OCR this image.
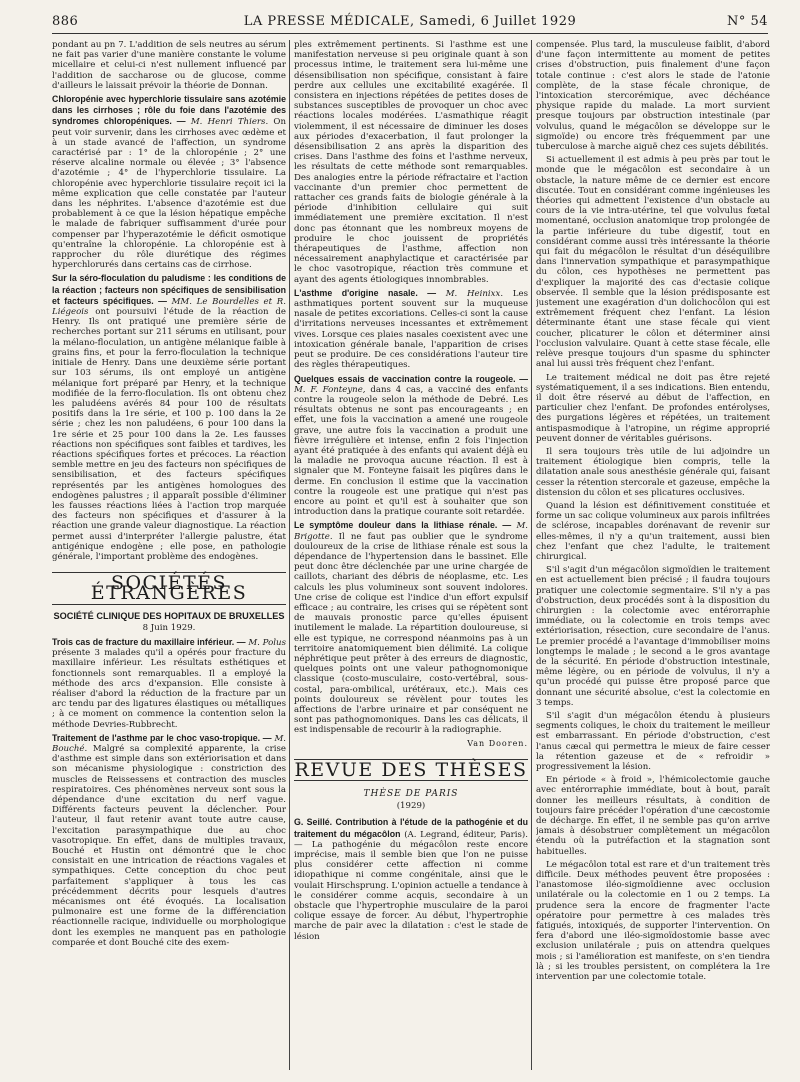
886	LA PRESSE MÉDICALE, Samedi, 6 Juillet 1929	N° 54

pondant au pn 7. L'addition de sels neutres au sérum ne fait pas varier d'une manière constante le volume micellaire et celui-ci n'est nullement influencé par l'addition de saccharose ou de glucose, comme d'ailleurs le laissait prévoir la théorie de Donnan.

Chloropénie avec hyperchlorie tissulaire sans azotémie dans les cirrhoses ; rôle du foie dans l'azotémie des syndromes chloropéniques. — M. Henri Thiers. On peut voir survenir, dans les cirrhoses avec œdème et à un stade avancé de l'affection, un syndrome caractérisé par : 1° de la chloropénie ; 2° une réserve alcaline normale ou élevée ; 3° l'absence d'azotémie ; 4° de l'hyperchlorie tissulaire. La chloropénie avec hyperchlorie tissulaire reçoit ici la même explication que celle constatée par l'auteur dans les néphrites. L'absence d'azotémie est due probablement à ce que la lésion hépatique empêche le malade de fabriquer suffisamment d'urée pour compenser par l'hyperazotémie le déficit osmotique qu'entraîne la chloropénie. La chloropénie est à rapprocher du rôle diurétique des régimes hyperchlorurés dans certains cas de cirrhose.

Sur la séro-floculation du paludisme : les conditions de la réaction ; facteurs non spécifiques de sensibilisation et facteurs spécifiques. — MM. Le Bourdelles et R. Liégeois ont poursuivi l'étude de la réaction de Henry. Ils ont pratiqué une première série de recherches portant sur 211 sérums en utilisant, pour la mélano-floculation, un antigène mélanique faible à grains fins, et pour la ferro-floculation la technique initiale de Henry. Dans une deuxième série portant sur 103 sérums, ils ont employé un antigène mélanique fort préparé par Henry, et la technique modifiée de la ferro-floculation. Ils ont obtenu chez les paludéens avérés 84 pour 100 de résultats positifs dans la 1re série, et 100 p. 100 dans la 2e série ; chez les non paludéens, 6 pour 100 dans la 1re série et 25 pour 100 dans la 2e. Les fausses réactions non spécifiques sont faibles et tardives, les réactions spécifiques fortes et précoces. La réaction semble mettre en jeu des facteurs non spécifiques de sensibilisation, et des facteurs spécifiques représentés par les antigènes homologues des endogènes palustres ; il apparaît possible d'éliminer les fausses réactions liées à l'action trop marquée des facteurs non spécifiques et d'assurer à la réaction une grande valeur diagnostique. La réaction permet aussi d'interpréter l'allergie palustre, état antigénique endogène ; elle pose, en pathologie générale, l'important problème des endogènes.

SOCIÉTÉS ÉTRANGÈRES
SOCIÉTÉ CLINIQUE DES HOPITAUX DE BRUXELLES
8 Juin 1929.

Trois cas de fracture du maxillaire inférieur. — M. Polus présente 3 malades qu'il a opérés pour fracture du maxillaire inférieur. Les résultats esthétiques et fonctionnels sont remarquables. Il a employé la méthode des arcs d'expansion. Elle consiste à réaliser d'abord la réduction de la fracture par un arc tendu par des ligatures élastiques ou métalliques ; à ce moment on commence la contention selon la méthode Devries-Rubbrecht.

Traitement de l'asthme par le choc vaso-tropique. — M. Bouché. Malgré sa complexité apparente, la crise d'asthme est simple dans son extériorisation et dans son mécanisme physiologique : constriction des muscles de Reissessens et contraction des muscles respiratoires. Ces phénomènes nerveux sont sous la dépendance d'une excitation du nerf vague. Différents facteurs peuvent la déclencher. Pour l'auteur, il faut retenir avant toute autre cause, l'excitation parasympathique due au choc vasotropique. En effet, dans de multiples travaux, Bouché et Hustin ont démontré que le choc consistait en une intrication de réactions vagales et sympathiques. Cette conception du choc peut parfaitement s'appliquer à tous les cas précédemment décrits pour lesquels d'autres mécanismes ont été évoqués. La localisation pulmonaire est une forme de la différenciation réactionnelle racique, individuelle ou morphologique dont les exemples ne manquent pas en pathologie comparée et dont Bouché cite des exem-

ples extrêmement pertinents. Si l'asthme est une manifestation nerveuse si peu originale quant à son processus intime, le traitement sera lui-même une désensibilisation non spécifique, consistant à faire perdre aux cellules une excitabilité exagérée. Il consistera en injections répétées de petites doses de substances susceptibles de provoquer un choc avec réactions locales modérées. L'asmathique réagit violemment, il est nécessaire de diminuer les doses aux périodes d'exacerbation, il faut prolonger la désensibilisation 2 ans après la disparition des crises. Dans l'asthme des foins et l'asthme nerveux, les résultats de cette méthode sont remarquables. Des analogies entre la période réfractaire et l'action vaccinante d'un premier choc permettent de rattacher ces grands faits de biologie générale à la période d'inhibition cellulaire qui suit immédiatement une première excitation. Il n'est donc pas étonnant que les nombreux moyens de produire le choc jouissent de propriétés thérapeutiques de l'asthme, affection non nécessairement anaphylactique et caractérisée par le choc vasotropique, réaction très commune et ayant des agents étiologiques innombrables.

L'asthme d'origine nasale. — M. Heinixx. Les asthmatiques portent souvent sur la muqueuse nasale de petites excoriations. Celles-ci sont la cause d'irritations nerveuses incessantes et extrêmement vives. Lorsque ces plaies nasales coexistent avec une intoxication générale banale, l'apparition de crises peut se produire. De ces considérations l'auteur tire des règles thérapeutiques.

Quelques essais de vaccination contre la rougeole. — M. F. Fonteyne, dans 4 cas, a vacciné des enfants contre la rougeole selon la méthode de Debré. Les résultats obtenus ne sont pas encourageants ; en effet, une fois la vaccination a amené une rougeole grave, une autre fois la vaccination a produit une fièvre irrégulière et intense, enfin 2 fois l'injection ayant été pratiquée à des enfants qui avaient déjà eu la maladie ne provoqua aucune réaction. Il est à signaler que M. Fonteyne faisait les piqûres dans le derme. En conclusion il estime que la vaccination contre la rougeole est une pratique qui n'est pas encore au point et qu'il est à souhaiter que son introduction dans la pratique courante soit retardée.

Le symptôme douleur dans la lithiase rénale. — M. Brigotte. Il ne faut pas oublier que le syndrome douloureux de la crise de lithiase rénale est sous la dépendance de l'hypertension dans le bassinet. Elle peut donc être déclenchée par une urine chargée de caillots, chariant des débris de néoplasme, etc. Les calculs les plus volumineux sont souvent indolores. Une crise de colique est l'indice d'un effort expulsif efficace ; au contraire, les crises qui se répètent sont de mauvais pronostic parce qu'elles épuisent inutilement le malade. La répartition douloureuse, si elle est typique, ne correspond néanmoins pas à un territoire anatomiquement bien délimité. La colique néphrétique peut prêter à des erreurs de diagnostic, quelques points ont une valeur pathognomonique classique (costo-musculaire, costo-vertébral, sous-costal, para-ombilical, urétéraux, etc.). Mais ces points douloureux se révèlent pour toutes les affections de l'arbre urinaire et par conséquent ne sont pas pathognomoniques. Dans les cas délicats, il est indispensable de recourir à la radiographie.

Van Dooren.
REVUE DES THÈSES
THÈSE DE PARIS
(1929)

G. Seillé. Contribution à l'étude de la pathogénie et du traitement du mégacôlon (A. Legrand, éditeur, Paris). — La pathogénie du mégacôlon reste encore imprécise, mais il semble bien que l'on ne puisse plus considérer cette affection ni comme idiopathique ni comme congénitale, ainsi que le voulait Hirschsprung. L'opinion actuelle a tendance à le considérer comme acquis, secondaire à un obstacle que l'hypertrophie musculaire de la paroi colique essaye de forcer. Au début, l'hypertrophie marche de pair avec la dilatation : c'est le stade de lésion

compensée. Plus tard, la musculeuse faiblit, d'abord d'une façon intermittente au moment de petites crises d'obstruction, puis finalement d'une façon totale continue : c'est alors le stade de l'atonie complète, de la stase fécale chronique, de l'intoxication stercorémique, avec déchéance physique rapide du malade. La mort survient presque toujours par obstruction intestinale (par volvulus, quand le mégacôlon se développe sur le sigmoïde) ou encore très fréquemment par une tuberculose à marche aiguë chez ces sujets débilités.

Si actuellement il est admis à peu près par tout le monde que le mégacôlon est secondaire à un obstacle, la nature même de ce dernier est encore discutée. Tout en considérant comme ingénieuses les théories qui admettent l'existence d'un obstacle au cours de la vie intra-utérine, tel que volvulus fœtal momentané, occlusion anatomique trop prolongée de la partie inférieure du tube digestif, tout en considérant comme aussi très intéressante la théorie qui fait du mégacôlon le résultat d'un déséquilibre dans l'innervation sympathique et parasympathique du côlon, ces hypothèses ne permettent pas d'expliquer la majorité des cas d'ectasie colique observée. Il semble que la lésion prédisposante est justement une exagération d'un dolichocôlon qui est extrêmement fréquent chez l'enfant. La lésion déterminante étant une stase fécale qui vient coucher, plicaturer le côlon et déterminer ainsi l'occlusion valvulaire. Quant à cette stase fécale, elle relève presque toujours d'un spasme du sphincter anal lui aussi très fréquent chez l'enfant.

Le traitement médical ne doit pas être rejeté systématiquement, il a ses indications. Bien entendu, il doit être réservé au début de l'affection, en particulier chez l'enfant. De profondes entérolyses, des purgations légères et répétées, un traitement antispasmodique à l'atropine, un régime approprié peuvent donner de véritables guérisons.

Il sera toujours très utile de lui adjoindre un traitement étiologique bien compris, telle la dilatation anale sous anesthésie générale qui, faisant cesser la rétention stercorale et gazeuse, empêche la distension du côlon et ses plicatures occlusives.

Quand la lésion est définitivement constituée et forme un sac colique volumineux aux parois infiltrées de sclérose, incapables dorénavant de revenir sur elles-mêmes, il n'y a qu'un traitement, aussi bien chez l'enfant que chez l'adulte, le traitement chirurgical.

S'il s'agit d'un mégacôlon sigmoïdien le traitement en est actuellement bien précisé ; il faudra toujours pratiquer une colectomie segmentaire. S'il n'y a pas d'obstruction, deux procédés sont à la disposition du chirurgien : la colectomie avec entérorraphie immédiate, ou la colectomie en trois temps avec extériorisation, résection, cure secondaire de l'anus. Le premier procédé a l'avantage d'immobiliser moins longtemps le malade ; le second a le gros avantage de la sécurité. En période d'obstruction intestinale, même légère, ou en période de volvulus, il n'y a qu'un procédé qui puisse être proposé parce que donnant une sécurité absolue, c'est la colectomie en 3 temps.

S'il s'agit d'un mégacôlon étendu à plusieurs segments coliques, le choix du traitement le meilleur est embarrassant. En période d'obstruction, c'est l'anus cæcal qui permettra le mieux de faire cesser la rétention gazeuse et de « refroidir » progressivement la lésion.

En période « à froid », l'hémicolectomie gauche avec entérorraphie immédiate, bout à bout, paraît donner les meilleurs résultats, à condition de toujours faire précéder l'opération d'une cæcostomie de décharge. En effet, il ne semble pas qu'on arrive jamais à désobstruer complètement un mégacôlon étendu où la putréfaction et la stagnation sont habituelles.

Le mégacôlon total est rare et d'un traitement très difficile. Deux méthodes peuvent être proposées : l'anastomose iléo-sigmoïdienne avec occlusion unilatérale ou la colectomie en 1 ou 2 temps. La prudence sera la encore de fragmenter l'acte opératoire pour permettre à ces malades très fatigués, intoxiqués, de supporter l'intervention. On fera d'abord une iléo-sigmoïdostomie basse avec exclusion unilatérale ; puis on attendra quelques mois ; si l'amélioration est manifeste, on s'en tiendra là ; si les troubles persistent, on complétera la 1re intervention par une colectomie totale.
